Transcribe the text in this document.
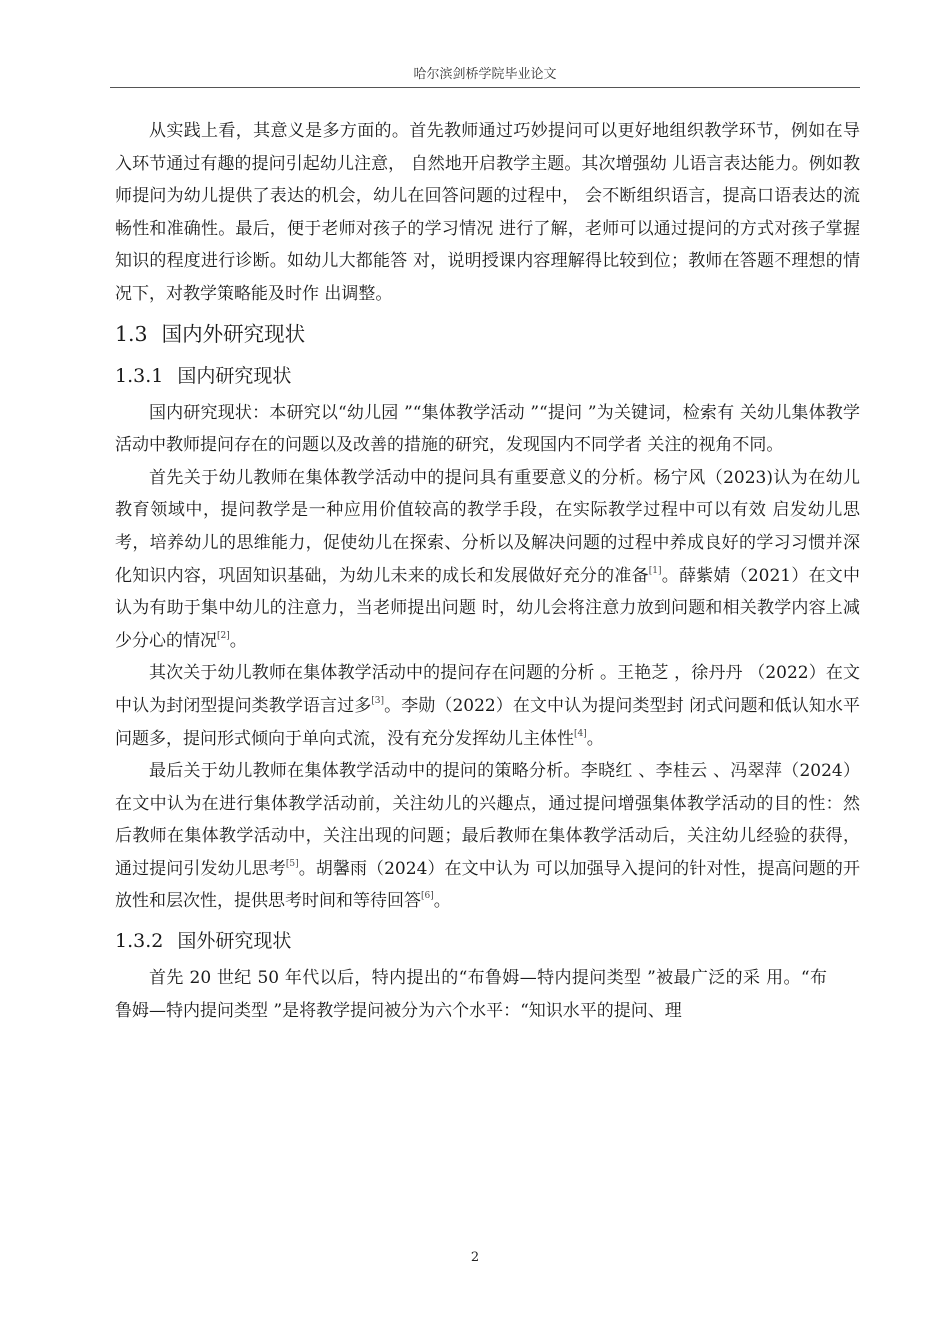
哈尔滨剑桥学院毕业论文

从实践上看，其意义是多方面的。首先教师通过巧妙提问可以更好地组织教学环节，例如在导入环节通过有趣的提问引起幼儿注意， 自然地开启教学主题。其次增强幼 儿语言表达能力。例如教师提问为幼儿提供了表达的机会，幼儿在回答问题的过程中， 会不断组织语言，提高口语表达的流畅性和准确性。最后，便于老师对孩子的学习情况 进行了解，老师可以通过提问的方式对孩子掌握知识的程度进行诊断。如幼儿大都能答 对，说明授课内容理解得比较到位；教师在答题不理想的情况下，对教学策略能及时作 出调整。

1.3 国内外研究现状
1.3.1 国内研究现状

国内研究现状：本研究以“幼儿园 ”“集体教学活动 ”“提问 ”为关键词，检索有 关幼儿集体教学活动中教师提问存在的问题以及改善的措施的研究，发现国内不同学者 关注的视角不同。

首先关于幼儿教师在集体教学活动中的提问具有重要意义的分析。杨宁风（2023)认为在幼儿教育领域中，提问教学是一种应用价值较高的教学手段，在实际教学过程中可以有效 启发幼儿思考，培养幼儿的思维能力，促使幼儿在探索、分析以及解决问题的过程中养成良好的学习习惯并深化知识内容，巩固知识基础，为幼儿未来的成长和发展做好充分的准备[1]。薛紫婧（2021）在文中认为有助于集中幼儿的注意力，当老师提出问题 时，幼儿会将注意力放到问题和相关教学内容上减少分心的情况[2]。

其次关于幼儿教师在集体教学活动中的提问存在问题的分析 。王艳芝 ，徐丹丹 （2022）在文中认为封闭型提问类教学语言过多[3]。李勋（2022）在文中认为提问类型封 闭式问题和低认知水平问题多，提问形式倾向于单向式流，没有充分发挥幼儿主体性[4]。

最后关于幼儿教师在集体教学活动中的提问的策略分析。李晓红 、李桂云 、冯翠萍（2024）在文中认为在进行集体教学活动前，关注幼儿的兴趣点，通过提问增强集体教学活动的目的性：然后教师在集体教学活动中，关注出现的问题；最后教师在集体教学活动后，关注幼儿经验的获得，通过提问引发幼儿思考[5]。胡馨雨（2024）在文中认为 可以加强导入提问的针对性，提高问题的开放性和层次性，提供思考时间和等待回答[6]。

1.3.2 国外研究现状

首先 20 世纪 50 年代以后，特内提出的“布鲁姆—特内提问类型 ”被最广泛的采 用。“布鲁姆—特内提问类型 ”是将教学提问被分为六个水平：“知识水平的提问、理

2
